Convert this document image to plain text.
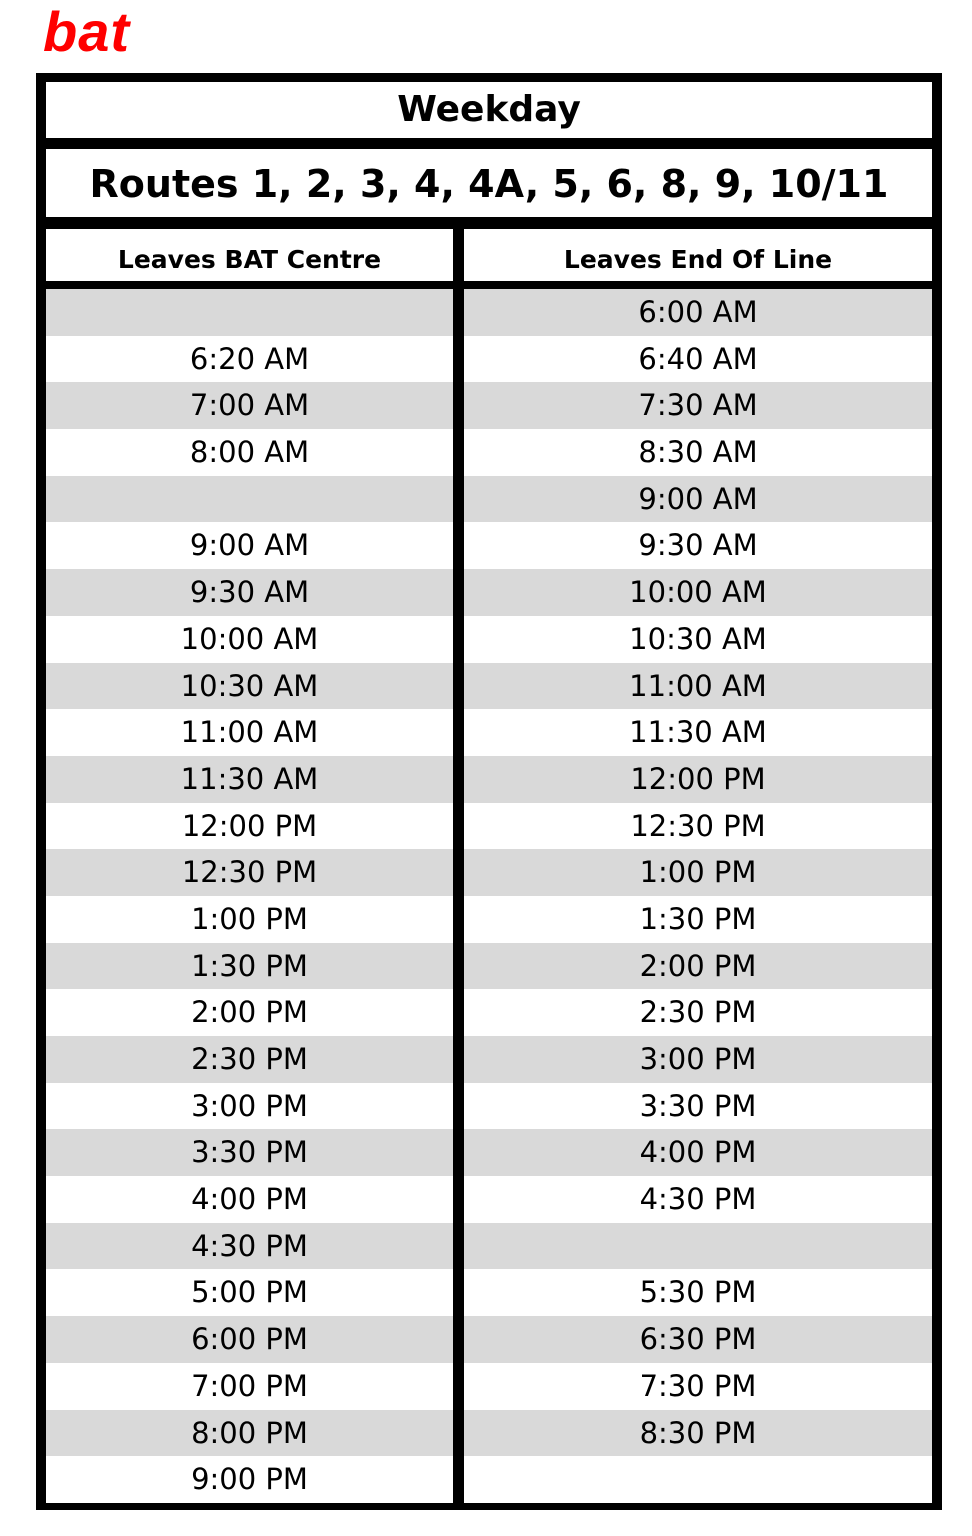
bat
Weekday
Routes 1, 2, 3, 4, 4A, 5, 6, 8, 9, 10/11
Leaves BAT Centre	Leaves End Of Line
6:20 AM
7:00 AM
8:00 AM
9:00 AM
9:30 AM
10:00 AM
10:30 AM
11:00 AM
11:30 AM
12:00 PM
12:30 PM
1:00 PM
1:30 PM
2:00 PM
2:30 PM
3:00 PM
3:30 PM
4:00 PM
4:30 PM
5:00 PM
6:00 PM
7:00 PM
8:00 PM
9:00 PM
6:00 AM
6:40 AM
7:30 AM
8:30 AM
9:00 AM
9:30 AM
10:00 AM
10:30 AM
11:00 AM
11:30 AM
12:00 PM
12:30 PM
1:00 PM
1:30 PM
2:00 PM
2:30 PM
3:00 PM
3:30 PM
4:00 PM
4:30 PM
5:30 PM
6:30 PM
7:30 PM
8:30 PM
